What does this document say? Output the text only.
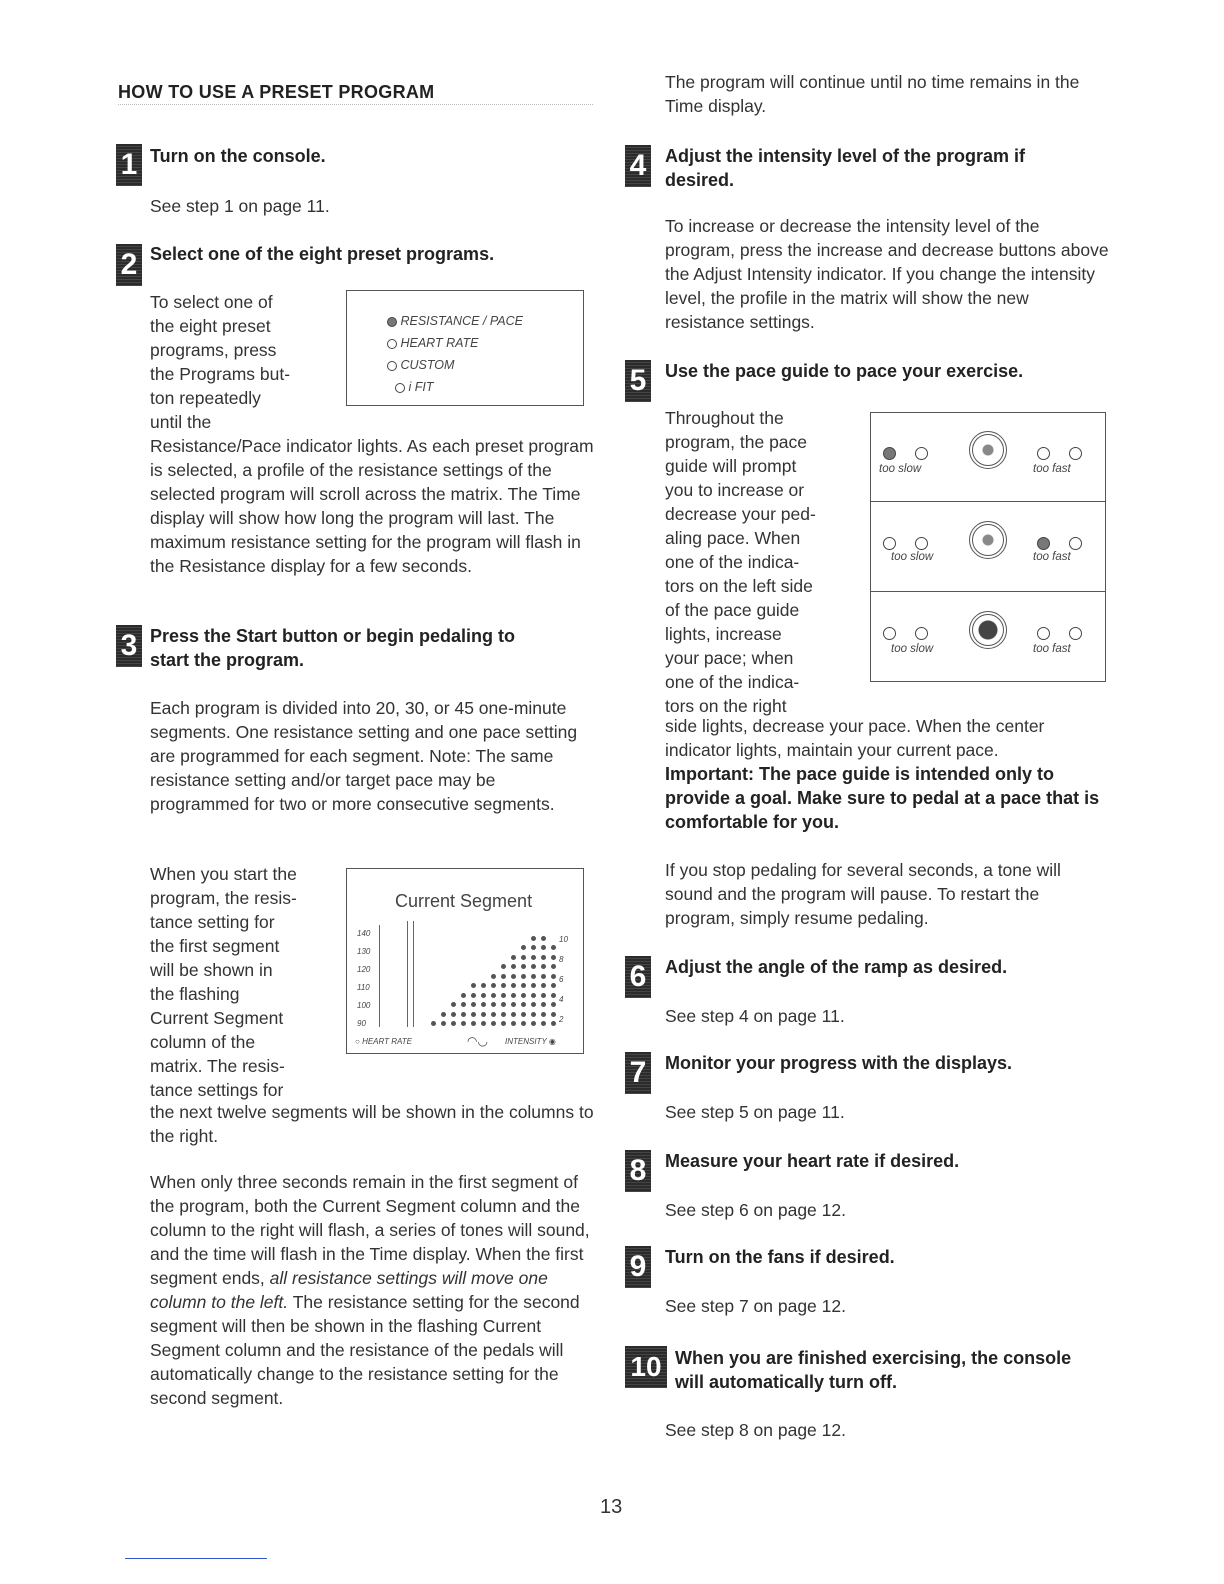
HOW TO USE A PRESET PROGRAM
1 Turn on the console.
See step 1 on page 11.
2 Select one of the eight preset programs.
To select one of
the eight preset
programs, press
the Programs but-
ton repeatedly
until the
RESISTANCE / PACE
HEART RATE
CUSTOM
i FIT
Resistance/Pace indicator lights. As each preset program is selected, a profile of the resistance settings of the selected program will scroll across the matrix. The Time display will show how long the program will last. The maximum resistance setting for the program will flash in the Resistance display for a few seconds.
3 Press the Start button or begin pedaling to
start the program.
Each program is divided into 20, 30, or 45 one-minute segments. One resistance setting and one pace setting are programmed for each segment. Note: The same resistance setting and/or target pace may be programmed for two or more consecutive segments.
When you start the
program, the resis-
tance setting for
the first segment
will be shown in
the flashing
Current Segment
column of the
matrix. The resis-
tance settings for
Current Segment
140
130
120
110
100
90
10
8
6
4
2
○ HEART RATE	◠◡ INTENSITY ◉
the next twelve segments will be shown in the columns to the right.
When only three seconds remain in the first segment of the program, both the Current Segment column and the column to the right will flash, a series of tones will sound, and the time will flash in the Time display. When the first segment ends, all resistance settings will move one column to the left. The resistance setting for the second segment will then be shown in the flashing Current Segment column and the resistance of the pedals will automatically change to the resistance setting for the second segment.
The program will continue until no time remains in the Time display.
4 Adjust the intensity level of the program if
desired.
To increase or decrease the intensity level of the program, press the increase and decrease buttons above the Adjust Intensity indicator. If you change the intensity level, the profile in the matrix will show the new resistance settings.
5 Use the pace guide to pace your exercise.
Throughout the
program, the pace
guide will prompt
you to increase or
decrease your ped-
aling pace. When
one of the indica-
tors on the left side
of the pace guide
lights, increase
your pace; when
one of the indica-
tors on the right
too slow	too fast
too slow	too fast
too slow	too fast
side lights, decrease your pace. When the center indicator lights, maintain your current pace.
Important: The pace guide is intended only to provide a goal. Make sure to pedal at a pace that is comfortable for you.
If you stop pedaling for several seconds, a tone will sound and the program will pause. To restart the program, simply resume pedaling.
6 Adjust the angle of the ramp as desired.
See step 4 on page 11.
7 Monitor your progress with the displays.
See step 5 on page 11.
8 Measure your heart rate if desired.
See step 6 on page 12.
9 Turn on the fans if desired.
See step 7 on page 12.
10 When you are finished exercising, the console
will automatically turn off.
See step 8 on page 12.
13
